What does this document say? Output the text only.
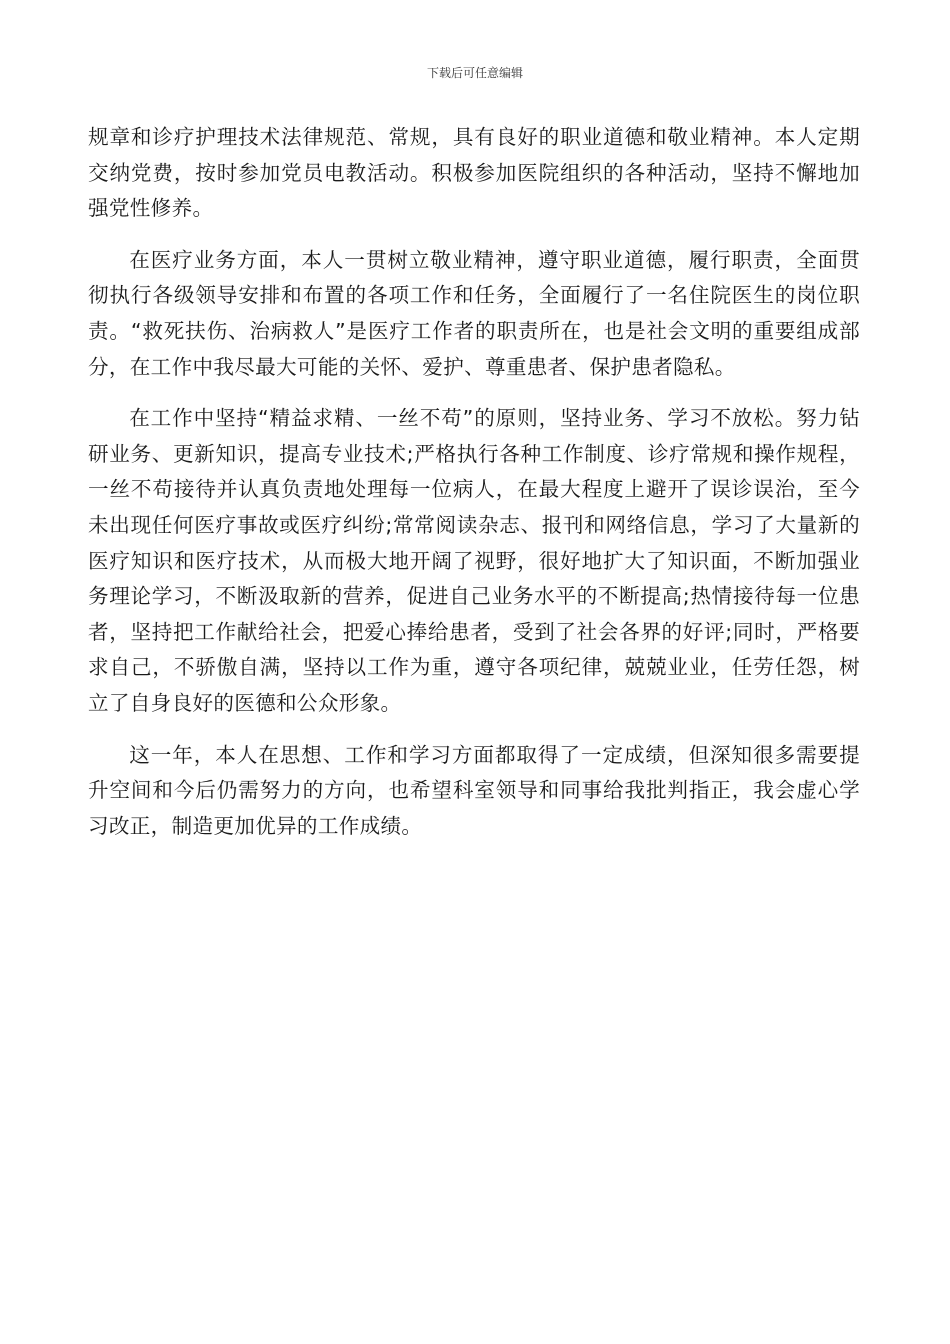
下载后可任意编辑

规章和诊疗护理技术法律规范、常规，具有良好的职业道德和敬业精神。本人定期交纳党费，按时参加党员电教活动。积极参加医院组织的各种活动，坚持不懈地加强党性修养。

在医疗业务方面，本人一贯树立敬业精神，遵守职业道德，履行职责，全面贯彻执行各级领导安排和布置的各项工作和任务，全面履行了一名住院医生的岗位职责。“救死扶伤、治病救人”是医疗工作者的职责所在，也是社会文明的重要组成部分，在工作中我尽最大可能的关怀、爱护、尊重患者、保护患者隐私。

在工作中坚持“精益求精、一丝不苟”的原则，坚持业务、学习不放松。努力钻研业务、更新知识，提高专业技术;严格执行各种工作制度、诊疗常规和操作规程，一丝不苟接待并认真负责地处理每一位病人，在最大程度上避开了误诊误治，至今未出现任何医疗事故或医疗纠纷;常常阅读杂志、报刊和网络信息，学习了大量新的医疗知识和医疗技术，从而极大地开阔了视野，很好地扩大了知识面，不断加强业务理论学习，不断汲取新的营养，促进自己业务水平的不断提高;热情接待每一位患者，坚持把工作献给社会，把爱心捧给患者，受到了社会各界的好评;同时，严格要求自己，不骄傲自满，坚持以工作为重，遵守各项纪律，兢兢业业，任劳任怨，树立了自身良好的医德和公众形象。

这一年，本人在思想、工作和学习方面都取得了一定成绩，但深知很多需要提升空间和今后仍需努力的方向，也希望科室领导和同事给我批判指正，我会虚心学习改正，制造更加优异的工作成绩。
